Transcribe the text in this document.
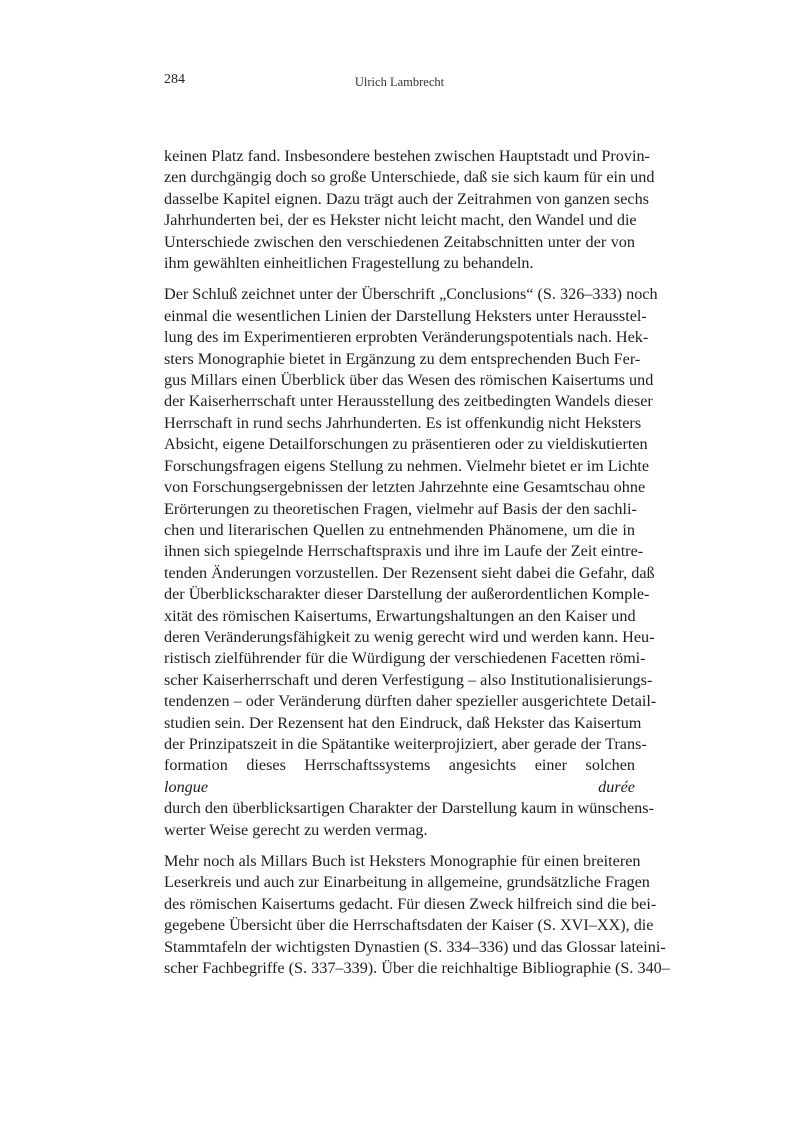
284	Ulrich Lambrecht

keinen Platz fand. Insbesondere bestehen zwischen Hauptstadt und Provin-
zen durchgängig doch so große Unterschiede, daß sie sich kaum für ein und
dasselbe Kapitel eignen. Dazu trägt auch der Zeitrahmen von ganzen sechs
Jahrhunderten bei, der es Hekster nicht leicht macht, den Wandel und die
Unterschiede zwischen den verschiedenen Zeitabschnitten unter der von
ihm gewählten einheitlichen Fragestellung zu behandeln.

Der Schluß zeichnet unter der Überschrift „Conclusions“ (S. 326–333) noch
einmal die wesentlichen Linien der Darstellung Heksters unter Herausstel-
lung des im Experimentieren erprobten Veränderungspotentials nach. Hek-
sters Monographie bietet in Ergänzung zu dem entsprechenden Buch Fer-
gus Millars einen Überblick über das Wesen des römischen Kaisertums und
der Kaiserherrschaft unter Herausstellung des zeitbedingten Wandels dieser
Herrschaft in rund sechs Jahrhunderten. Es ist offenkundig nicht Heksters
Absicht, eigene Detailforschungen zu präsentieren oder zu vieldiskutierten
Forschungsfragen eigens Stellung zu nehmen. Vielmehr bietet er im Lichte
von Forschungsergebnissen der letzten Jahrzehnte eine Gesamtschau ohne
Erörterungen zu theoretischen Fragen, vielmehr auf Basis der den sachli-
chen und literarischen Quellen zu entnehmenden Phänomene, um die in
ihnen sich spiegelnde Herrschaftspraxis und ihre im Laufe der Zeit eintre-
tenden Änderungen vorzustellen. Der Rezensent sieht dabei die Gefahr, daß
der Überblickscharakter dieser Darstellung der außerordentlichen Komple-
xität des römischen Kaisertums, Erwartungshaltungen an den Kaiser und
deren Veränderungsfähigkeit zu wenig gerecht wird und werden kann. Heu-
ristisch zielführender für die Würdigung der verschiedenen Facetten römi-
scher Kaiserherrschaft und deren Verfestigung – also Institutionalisierungs-
tendenzen – oder Veränderung dürften daher spezieller ausgerichtete Detail-
studien sein. Der Rezensent hat den Eindruck, daß Hekster das Kaisertum
der Prinzipatszeit in die Spätantike weiterprojiziert, aber gerade der Trans-
formation dieses Herrschaftssystems angesichts einer solchen longue durée
durch den überblicksartigen Charakter der Darstellung kaum in wünschens-
werter Weise gerecht zu werden vermag.

Mehr noch als Millars Buch ist Heksters Monographie für einen breiteren
Leserkreis und auch zur Einarbeitung in allgemeine, grundsätzliche Fragen
des römischen Kaisertums gedacht. Für diesen Zweck hilfreich sind die bei-
gegebene Übersicht über die Herrschaftsdaten der Kaiser (S. XVI–XX), die
Stammtafeln der wichtigsten Dynastien (S. 334–336) und das Glossar lateini-
scher Fachbegriffe (S. 337–339). Über die reichhaltige Bibliographie (S. 340–
